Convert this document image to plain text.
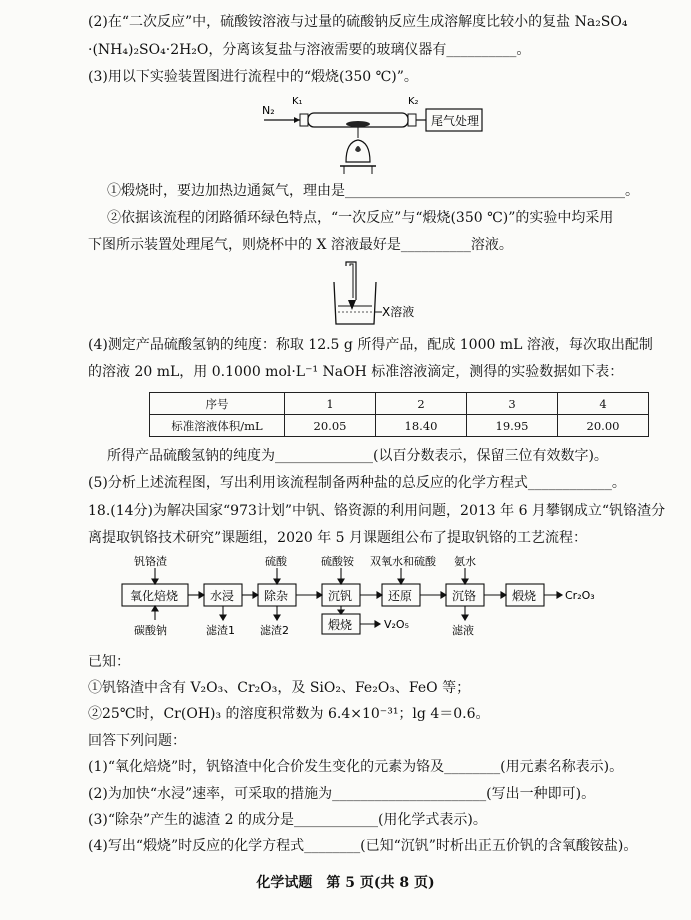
(2)在“二次反应”中，硫酸铵溶液与过量的硫酸钠反应生成溶解度比较小的复盐 Na₂SO₄
·(NH₄)₂SO₄·2H₂O，分离该复盐与溶液需要的玻璃仪器有__________。
(3)用以下实验装置图进行流程中的“煅烧(350 ℃)”。
N₂
K₁	K₂
尾气处理
①煅烧时，要边加热边通氮气，理由是________________________________________。
②依据该流程的闭路循环绿色特点，“一次反应”与“煅烧(350 ℃)”的实验中均采用
下图所示装置处理尾气，则烧杯中的 X 溶液最好是__________溶液。
X溶液
(4)测定产品硫酸氢钠的纯度：称取 12.5 g 所得产品，配成 1000 mL 溶液，每次取出配制
的溶液 20 mL，用 0.1000 mol·L⁻¹ NaOH 标准溶液滴定，测得的实验数据如下表：
序号	1	2	3	4
标准溶液体积/mL	20.05	18.40	19.95	20.00
所得产品硫酸氢钠的纯度为______________(以百分数表示，保留三位有效数字)。
(5)分析上述流程图，写出利用该流程制备两种盐的总反应的化学方程式____________。
18.(14分)为解决国家“973计划”中钒、铬资源的利用问题，2013 年 6 月攀钢成立“钒铬渣分
离提取钒铬技术研究”课题组，2020 年 5 月课题组公布了提取钒铬的工艺流程：
氧化焙烧	水浸 除杂	沉钒	还原	沉铬	煅烧
煅烧
钒铬渣	硫酸	硫酸铵 双氧水和硫酸 氨水
碳酸钠	滤渣1 滤渣2	滤液
V₂O₅
Cr₂O₃
已知：
①钒铬渣中含有 V₂O₃、Cr₂O₃，及 SiO₂、Fe₂O₃、FeO 等；
②25℃时，Cr(OH)₃ 的溶度积常数为 6.4×10⁻³¹；lg 4＝0.6。
回答下列问题：
(1)“氧化焙烧”时，钒铬渣中化合价发生变化的元素为铬及________(用元素名称表示)。
(2)为加快“水浸”速率，可采取的措施为______________________(写出一种即可)。
(3)“除杂”产生的滤渣 2 的成分是____________(用化学式表示)。
(4)写出“煅烧”时反应的化学方程式________(已知“沉钒”时析出正五价钒的含氧酸铵盐)。
化学试题　第 5 页(共 8 页)
